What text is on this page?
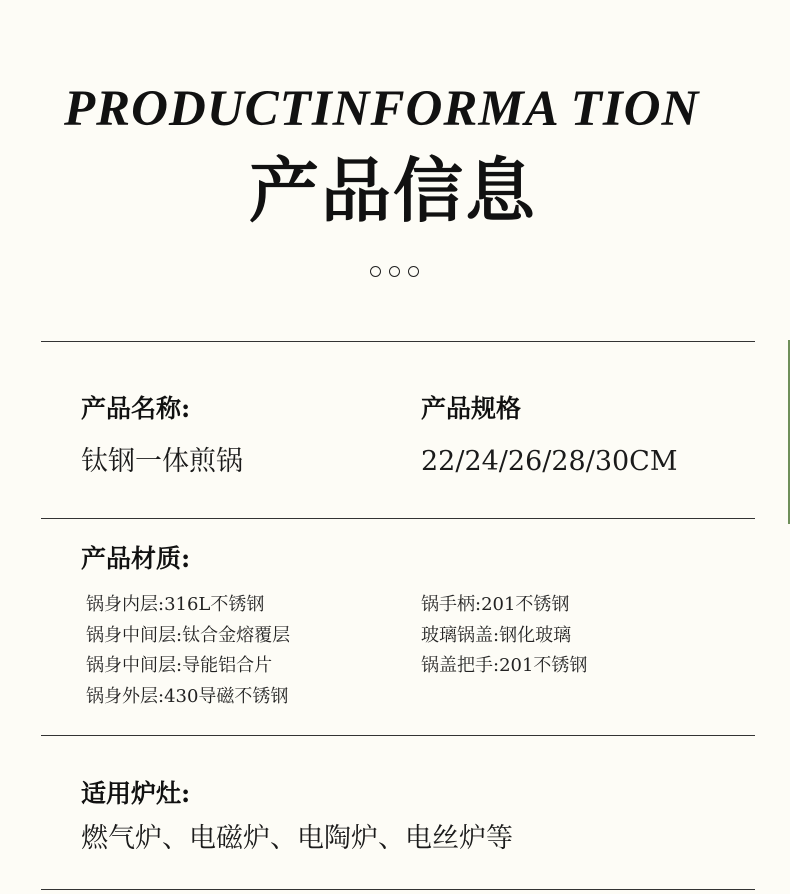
PRODUCTINFORMA TION
产品信息
产品名称:
钛钢一体煎锅
产品规格
22/24/26/28/30CM
产品材质:
锅身内层:316L不锈钢
锅身中间层:钛合金熔覆层
锅身中间层:导能铝合片
锅身外层:430导磁不锈钢
锅手柄:201不锈钢
玻璃锅盖:钢化玻璃
锅盖把手:201不锈钢
适用炉灶:
燃气炉、电磁炉、电陶炉、电丝炉等
